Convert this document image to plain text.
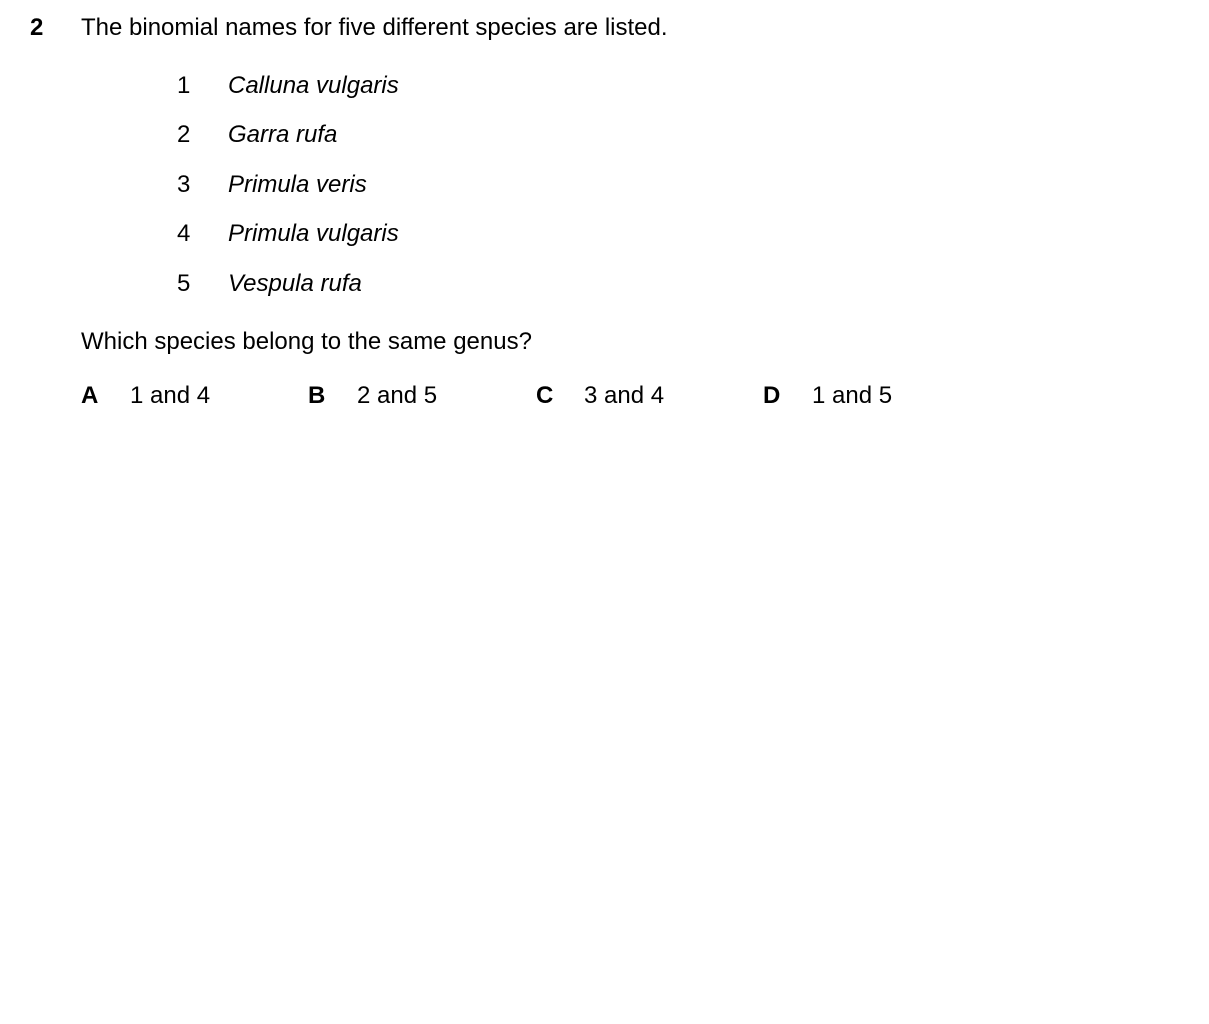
2 The binomial names for five different species are listed.
1 Calluna vulgaris
2 Garra rufa
3 Primula veris
4 Primula vulgaris
5 Vespula rufa
Which species belong to the same genus?
A 1 and 4	B 2 and 5	C 3 and 4	D 1 and 5
